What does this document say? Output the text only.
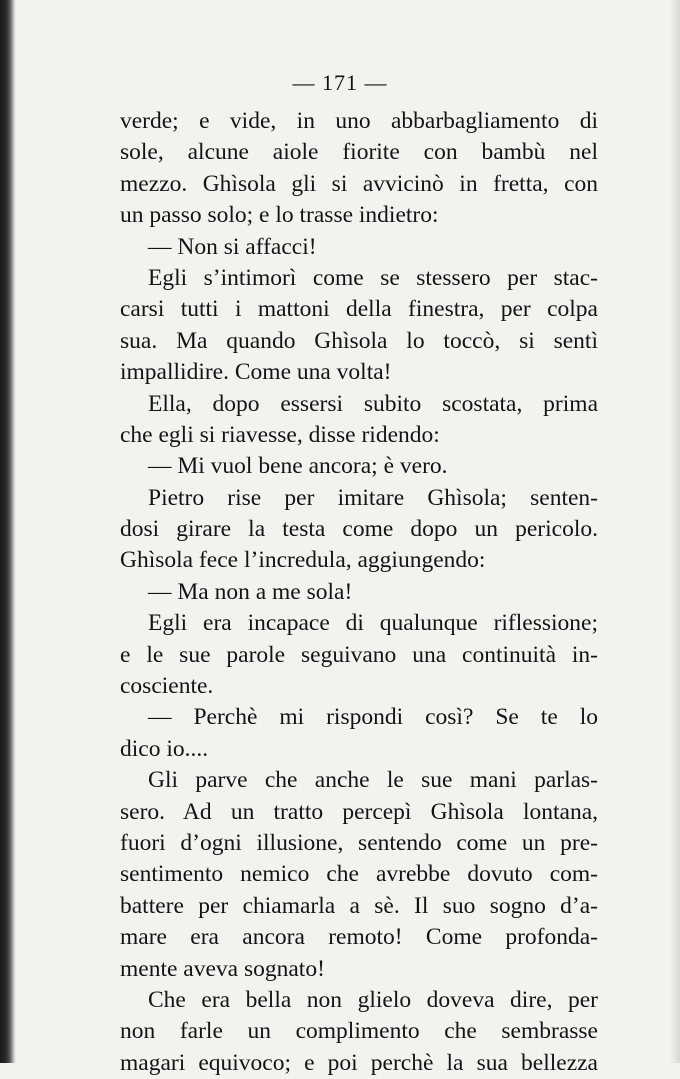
— 171 —
verde; e vide, in uno abbarbagliamento di
sole, alcune aiole fiorite con bambù nel
mezzo. Ghìsola gli si avvicinò in fretta, con
un passo solo; e lo trasse indietro:
— Non si affacci!
Egli s’intimorì come se stessero per stac-
carsi tutti i mattoni della finestra, per colpa
sua. Ma quando Ghìsola lo toccò, si sentì
impallidire. Come una volta!
Ella, dopo essersi subito scostata, prima
che egli si riavesse, disse ridendo:
— Mi vuol bene ancora; è vero.
Pietro rise per imitare Ghìsola; senten-
dosi girare la testa come dopo un pericolo.
Ghìsola fece l’incredula, aggiungendo:
— Ma non a me sola!
Egli era incapace di qualunque riflessione;
e le sue parole seguivano una continuità in-
cosciente.
— Perchè mi rispondi così? Se te lo
dico io....
Gli parve che anche le sue mani parlas-
sero. Ad un tratto percepì Ghìsola lontana,
fuori d’ogni illusione, sentendo come un pre-
sentimento nemico che avrebbe dovuto com-
battere per chiamarla a sè. Il suo sogno d’a-
mare era ancora remoto! Come profonda-
mente aveva sognato!
Che era bella non glielo doveva dire, per
non farle un complimento che sembrasse
magari equivoco; e poi perchè la sua bellezza
